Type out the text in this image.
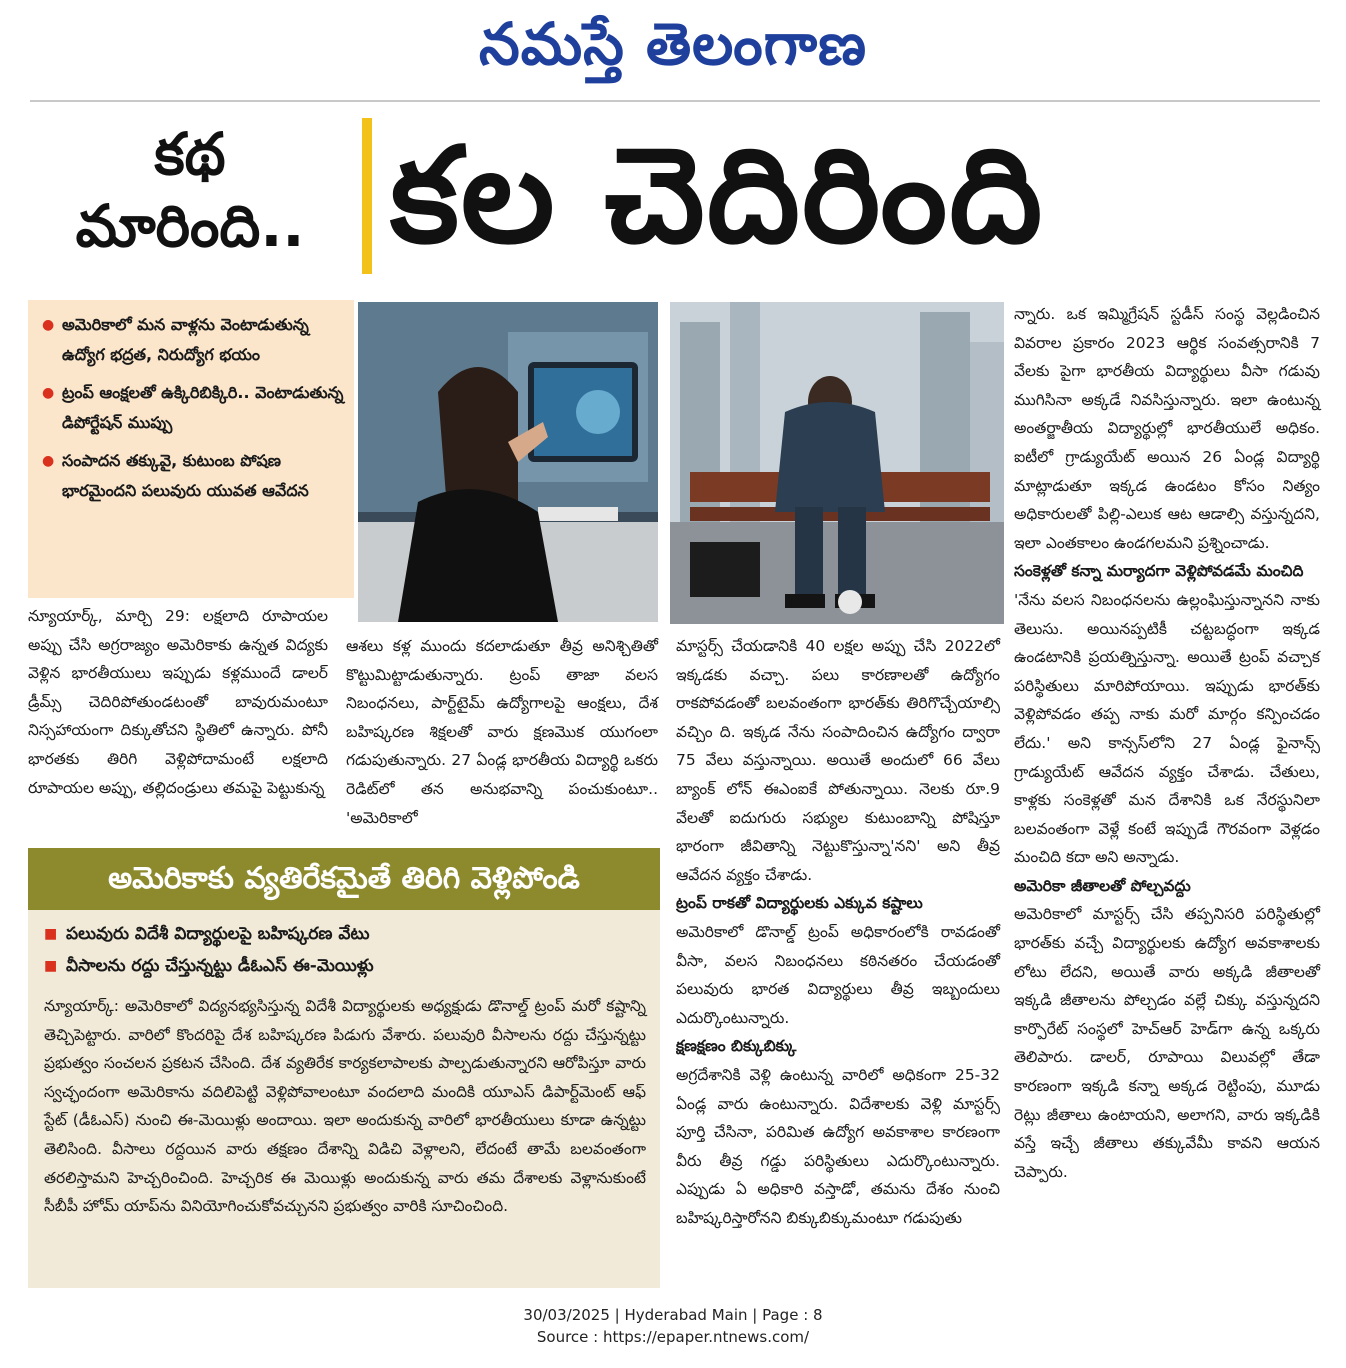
నమస్తే తెలంగాణ
కథ
మారింది.. కల చెదిరింది
● అమెరికాలో మన వాళ్లను వెంటాడుతున్న ఉద్యోగ భద్రత, నిరుద్యోగ భయం
● ట్రంప్ ఆంక్షలతో ఉక్కిరిబిక్కిరి.. వెంటాడుతున్న డిపోర్టేషన్ ముప్పు
● సంపాదన తక్కువై, కుటుంబ పోషణ భారమైందని పలువురు యువత ఆవేదన

న్యూయార్క్, మార్చి 29: లక్షలాది రూపాయల అప్పు చేసి అగ్రరాజ్యం అమెరికాకు ఉన్నత విద్యకు వెళ్లిన భారతీయులు ఇప్పుడు కళ్లముందే డాలర్ డ్రీమ్స్ చెదిరిపోతుండటంతో బావురుమంటూ నిస్సహాయంగా దిక్కుతోచని స్థితిలో ఉన్నారు. పోనీ భారతకు తిరిగి వెళ్లిపోదామంటే లక్షలాది రూపాయల అప్పు, తల్లిదండ్రులు తమపై పెట్టుకున్న

ఆశలు కళ్ల ముందు కదలాడుతూ తీవ్ర అనిశ్చితితో కొట్టుమిట్టాడుతున్నారు. ట్రంప్ తాజా వలస నిబంధనలు, పార్ట్‌టైమ్ ఉద్యోగాలపై ఆంక్షలు, దేశ బహిష్కరణ శిక్షలతో వారు క్షణమొక యుగంలా గడుపుతున్నారు. 27 ఏండ్ల భారతీయ విద్యార్థి ఒకరు రెడిట్‌లో తన అనుభవాన్ని పంచుకుంటూ.. 'అమెరికాలో

మాస్టర్స్ చేయడానికి 40 లక్షల అప్పు చేసి 2022లో ఇక్కడకు వచ్చా. పలు కారణాలతో ఉద్యోగం రాకపోవడంతో బలవంతంగా భారత్‌కు తిరిగొచ్చేయాల్సి వచ్చిం ది. ఇక్కడ నేను సంపాదించిన ఉద్యోగం ద్వారా 75 వేలు వస్తున్నాయి. అయితే అందులో 66 వేలు బ్యాంక్ లోన్ ఈఎంఐకే పోతున్నాయి. నెలకు రూ.9 వేలతో ఐదుగురు సభ్యుల కుటుంబాన్ని పోషిస్తూ భారంగా జీవితాన్ని నెట్టుకొస్తున్నా'నని' అని తీవ్ర ఆవేదన వ్యక్తం చేశాడు.

ట్రంప్ రాకతో విద్యార్థులకు ఎక్కువ కష్టాలు

అమెరికాలో డొనాల్డ్ ట్రంప్ అధికారంలోకి రావడంతో వీసా, వలస నిబంధనలు కఠినతరం చేయడంతో పలువురు భారత విద్యార్థులు తీవ్ర ఇబ్బందులు ఎదుర్కొంటున్నారు.

క్షణక్షణం బిక్కుబిక్కు

అగ్రదేశానికి వెళ్లి ఉంటున్న వారిలో అధికంగా 25-32 ఏండ్ల వారు ఉంటున్నారు. విదేశాలకు వెళ్లి మాస్టర్స్ పూర్తి చేసినా, పరిమిత ఉద్యోగ అవకాశాల కారణంగా వీరు తీవ్ర గడ్డు పరిస్థితులు ఎదుర్కొంటున్నారు. ఎప్పుడు ఏ అధికారి వస్తాడో, తమను దేశం నుంచి బహిష్కరిస్తారోనని బిక్కుబిక్కుమంటూ గడుపుతు

న్నారు. ఒక ఇమ్మిగ్రేషన్ స్టడీస్ సంస్థ వెల్లడించిన వివరాల ప్రకారం 2023 ఆర్థిక సంవత్సరానికి 7 వేలకు పైగా భారతీయ విద్యార్థులు వీసా గడువు ముగిసినా అక్కడే నివసిస్తున్నారు. ఇలా ఉంటున్న అంతర్జాతీయ విద్యార్థుల్లో భారతీయులే అధికం. ఐటీలో గ్రాడ్యుయేట్ అయిన 26 ఏండ్ల విద్యార్థి మాట్లాడుతూ ఇక్కడ ఉండటం కోసం నిత్యం అధికారులతో పిల్లి-ఎలుక ఆట ఆడాల్సి వస్తున్నదని, ఇలా ఎంతకాలం ఉండగలమని ప్రశ్నించాడు.

సంకెళ్లతో కన్నా మర్యాదగా వెళ్లిపోవడమే మంచిది

'నేను వలస నిబంధనలను ఉల్లంఘిస్తున్నానని నాకు తెలుసు. అయినప్పటికీ చట్టబద్ధంగా ఇక్కడ ఉండటానికి ప్రయత్నిస్తున్నా. అయితే ట్రంప్ వచ్చాక పరిస్థితులు మారిపోయాయి. ఇప్పుడు భారత్‌కు వెళ్లిపోవడం తప్ప నాకు మరో మార్గం కన్పించడం లేదు.' అని కాన్సస్‌లోని 27 ఏండ్ల ఫైనాన్స్ గ్రాడ్యుయేట్ ఆవేదన వ్యక్తం చేశాడు. చేతులు, కాళ్లకు సంకెళ్లతో మన దేశానికి ఒక నేరస్థునిలా బలవంతంగా వెళ్లే కంటే ఇప్పుడే గౌరవంగా వెళ్లడం మంచిది కదా అని అన్నాడు.

అమెరికా జీతాలతో పోల్చవద్దు

అమెరికాలో మాస్టర్స్ చేసి తప్పనిసరి పరిస్థితుల్లో భారత్‌కు వచ్చే విద్యార్థులకు ఉద్యోగ అవకాశాలకు లోటు లేదని, అయితే వారు అక్కడి జీతాలతో ఇక్కడి జీతాలను పోల్చడం వల్లే చిక్కు వస్తున్నదని కార్పొరేట్ సంస్థలో హెచ్‌ఆర్ హెడ్‌గా ఉన్న ఒక్కరు తెలిపారు. డాలర్, రూపాయి విలువల్లో తేడా కారణంగా ఇక్కడి కన్నా అక్కడ రెట్టింపు, మూడు రెట్లు జీతాలు ఉంటాయని, అలాగని, వారు ఇక్కడికి వస్తే ఇచ్చే జీతాలు తక్కువేమీ కావని ఆయన చెప్పారు.

అమెరికాకు వ్యతిరేకమైతే తిరిగి వెళ్లిపోండి
■ పలువురు విదేశీ విద్యార్థులపై బహిష్కరణ వేటు
■ వీసాలను రద్దు చేస్తున్నట్టు డీఓఎస్ ఈ-మెయిళ్లు
న్యూయార్క్: అమెరికాలో విద్యనభ్యసిస్తున్న విదేశీ విద్యార్థులకు అధ్యక్షుడు డొనాల్డ్ ట్రంప్ మరో కష్టాన్ని తెచ్చిపెట్టారు. వారిలో కొందరిపై దేశ బహిష్కరణ పిడుగు వేశారు. పలువురి వీసాలను రద్దు చేస్తున్నట్టు ప్రభుత్వం సంచలన ప్రకటన చేసింది. దేశ వ్యతిరేక కార్యకలాపాలకు పాల్పడుతున్నారని ఆరోపిస్తూ వారు స్వచ్ఛందంగా అమెరికాను వదిలిపెట్టి వెళ్లిపోవాలంటూ వందలాది మందికి యూఎస్ డిపార్ట్‌మెంట్ ఆఫ్ స్టేట్ (డీఓఎస్) నుంచి ఈ-మెయిళ్లు అందాయి. ఇలా అందుకున్న వారిలో భారతీయులు కూడా ఉన్నట్టు తెలిసింది. వీసాలు రద్దయిన వారు తక్షణం దేశాన్ని విడిచి వెళ్లాలని, లేదంటే తామే బలవంతంగా తరలిస్తామని హెచ్చరించింది. హెచ్చరిక ఈ మెయిళ్లు అందుకున్న వారు తమ దేశాలకు వెళ్లానుకుంటే సీబీపీ హోమ్ యాప్‌ను వినియోగించుకోవచ్చునని ప్రభుత్వం వారికి సూచించింది.
30/03/2025 | Hyderabad Main | Page : 8
Source : https://epaper.ntnews.com/
